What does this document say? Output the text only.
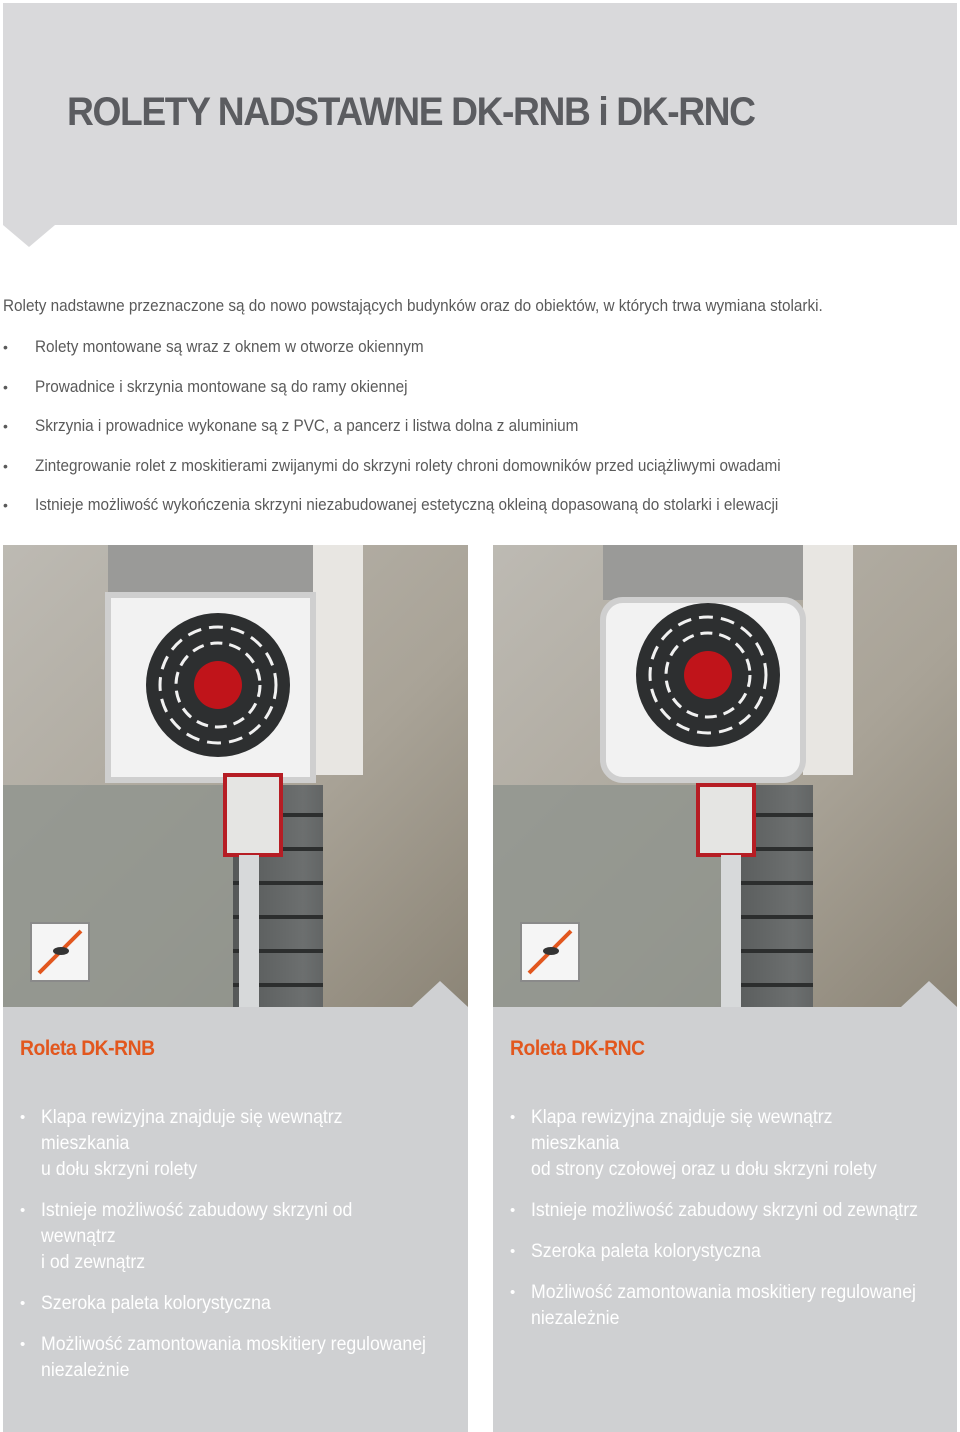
ROLETY NADSTAWNE DK-RNB i DK-RNC

Rolety nadstawne przeznaczone są do nowo powstających budynków oraz do obiektów, w których trwa wymiana stolarki.

• Rolety montowane są wraz z oknem w otworze okiennym
• Prowadnice i skrzynia montowane są do ramy okiennej
• Skrzynia i prowadnice wykonane są z PVC, a pancerz i listwa dolna z aluminium
• Zintegrowanie rolet z moskitierami zwijanymi do skrzyni rolety chroni domowników przed uciążliwymi owadami
• Istnieje możliwość wykończenia skrzyni niezabudowanej estetyczną okleiną dopasowaną do stolarki i elewacji
Roleta DK-RNB
• Klapa rewizyjna znajduje się wewnątrz mieszkania
u dołu skrzyni rolety
• Istnieje możliwość zabudowy skrzyni od wewnątrz
i od zewnątrz
• Szeroka paleta kolorystyczna
• Możliwość zamontowania moskitiery regulowanej
niezależnie
Roleta DK-RNC
• Klapa rewizyjna znajduje się wewnątrz mieszkania
od strony czołowej oraz u dołu skrzyni rolety
• Istnieje możliwość zabudowy skrzyni od zewnątrz
• Szeroka paleta kolorystyczna
• Możliwość zamontowania moskitiery regulowanej
niezależnie
